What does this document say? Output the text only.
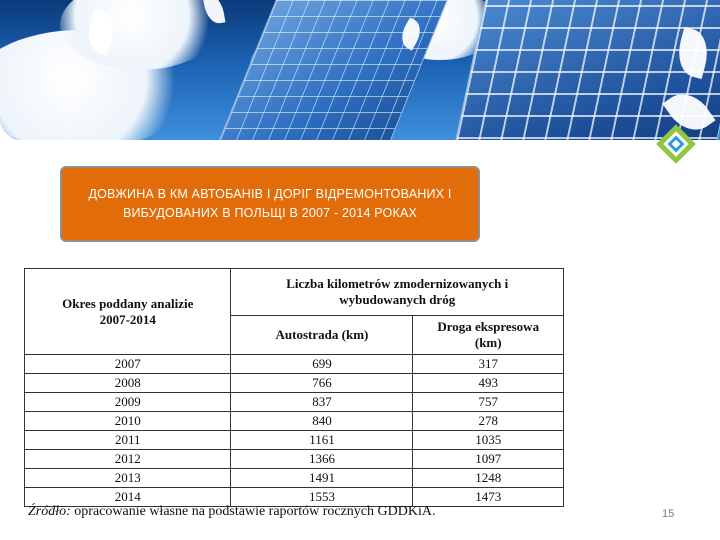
ДОВЖИНА В КМ АВТОБАНІВ І ДОРІГ ВІДРЕМОНТОВАНИХ І ВИБУДОВАНИХ В ПОЛЬЩІ В 2007 - 2014 РОКАХ
Okres poddany analizie 2007-2014	Liczba kilometrów zmodernizowanych i wybudowanych dróg	
	Autostrada (km)	Droga ekspresowa (km)
2007	699	317
2008	766	493
2009	837	757
2010	840	278
2011	1161	1035
2012	1366	1097
2013	1491	1248
2014	1553	1473
Źródło: opracowanie własne na podstawie raportów rocznych GDDKiA.	15
